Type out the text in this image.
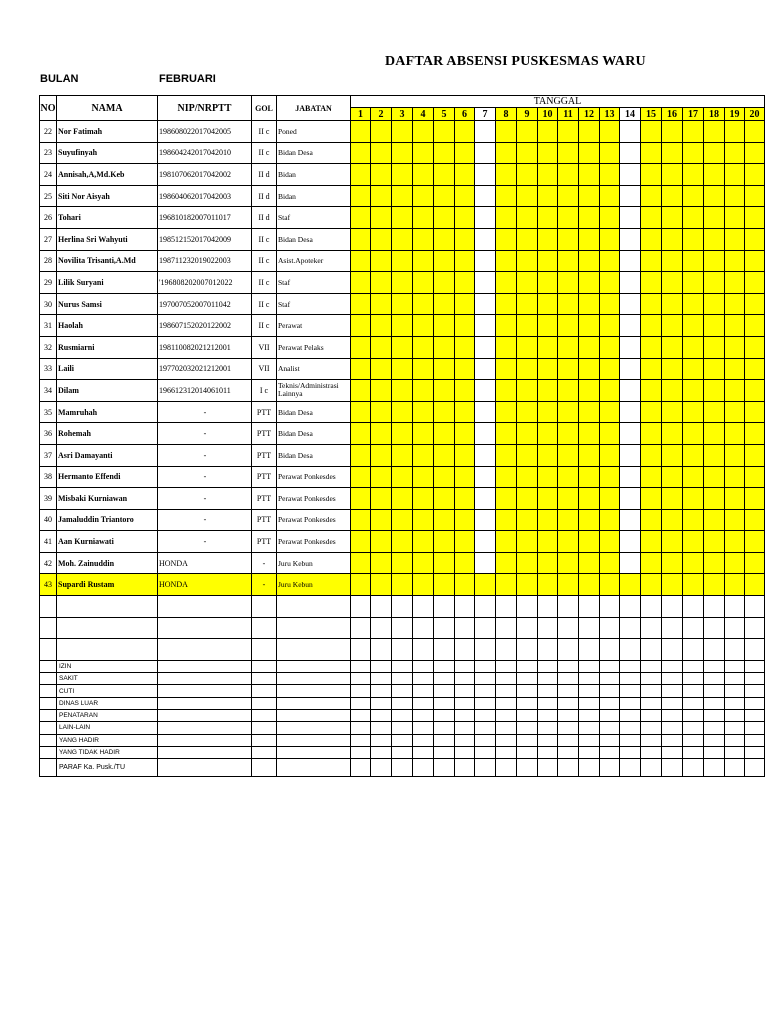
DAFTAR ABSENSI PUSKESMAS WARU
BULAN	FEBRUARI
NO	NAMA	NIP/NRPTT	GOL	JABATAN	TANGGAL																			
					1	2	3	4	5	6	7	8	9	10	11	12	13	14	15	16	17	18	19	20
22	Nor Fatimah	198608022017042005	II c	Poned																				
23	Suyufinyah	198604242017042010	II c	Bidan Desa																				
24	Annisah,A,Md.Keb	198107062017042002	II d	Bidan																				
25	Siti Nor Aisyah	198604062017042003	II d	Bidan																				
26	Tohari	196810182007011017	II d	Staf																				
27	Herlina Sri Wahyuti	198512152017042009	II c	Bidan Desa																				
28	Novilita Trisanti,A.Md	198711232019022003	II c	Asist.Apoteker																				
29	Lilik Suryani	'196808202007012022	II c	Staf																				
30	Nurus Samsi	197007052007011042	II c	Staf																				
31	Haolah	198607152020122002	II c	Perawat																				
32	Rusmiarni	198110082021212001	VII	Perawat Pelaks																				
33	Laili	197702032021212001	VII	Analist																				
34	Dilam	196612312014061011	I c	Teknis/Administrasi Lainnya																				
35	Mamruhah	-	PTT	Bidan Desa																				
36	Rohemah	-	PTT	Bidan Desa																				
37	Asri Damayanti	-	PTT	Bidan Desa																				
38	Hermanto Effendi	-	PTT	Perawat Ponkesdes																				
39	Misbaki Kurniawan	-	PTT	Perawat Ponkesdes																				
40	Jamaluddin Triantoro	-	PTT	Perawat Ponkesdes																				
41	Aan Kurniawati	-	PTT	Perawat Ponkesdes																				
42	Moh. Zainuddin	HONDA	-	Juru Kebun																				
43	Supardi Rustam	HONDA	-	Juru Kebun																				

	IZIN																							
	SAKIT																							
	CUTI																							
	DINAS LUAR																							
	PENATARAN																							
	LAIN-LAIN																							
	YANG HADIR																							
	YANG TIDAK HADIR																							
	PARAF Ka. Pusk./TU																							
